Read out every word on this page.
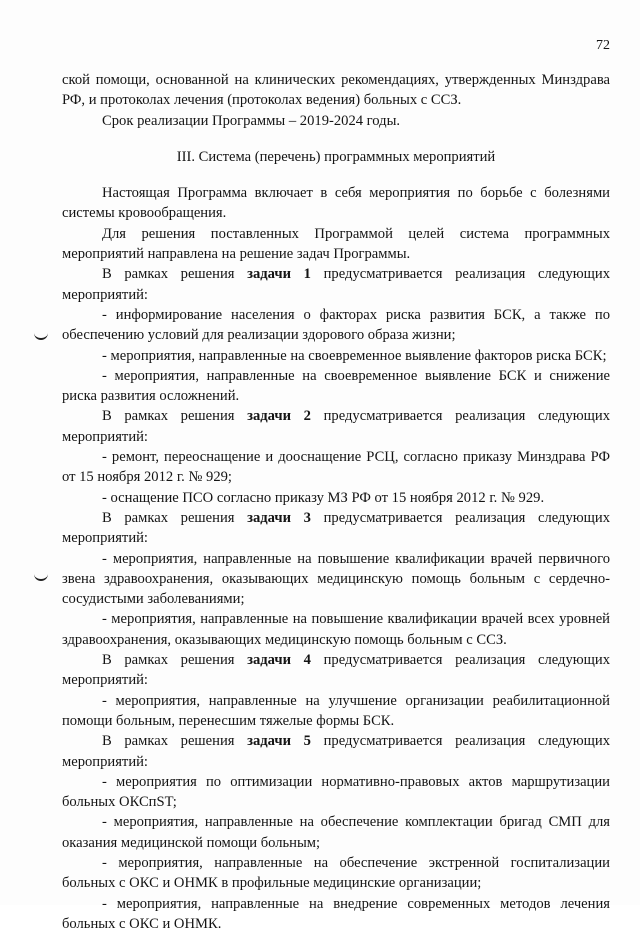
72

ской помощи, основанной на клинических рекомендациях, утвержденных Минздрава РФ, и протоколах лечения (протоколах ведения) больных с ССЗ.

Срок реализации Программы – 2019-2024 годы.

III. Система (перечень) программных мероприятий

Настоящая Программа включает в себя мероприятия по борьбе с болезнями системы кровообращения.

Для решения поставленных Программой целей система программных мероприятий направлена на решение задач Программы.

В рамках решения задачи 1 предусматривается реализация следующих мероприятий:

- информирование населения о факторах риска развития БСК, а также по обеспечению условий для реализации здорового образа жизни;

- мероприятия, направленные на своевременное выявление факторов риска БСК;

- мероприятия, направленные на своевременное выявление БСК и снижение риска развития осложнений.

В рамках решения задачи 2 предусматривается реализация следующих мероприятий:

- ремонт, переоснащение и дооснащение РСЦ, согласно приказу Минздрава РФ от 15 ноября 2012 г. № 929;

- оснащение ПСО согласно приказу МЗ РФ от 15 ноября 2012 г. № 929.

В рамках решения задачи 3 предусматривается реализация следующих мероприятий:

- мероприятия, направленные на повышение квалификации врачей первичного звена здравоохранения, оказывающих медицинскую помощь больным с сердечно-сосудистыми заболеваниями;

- мероприятия, направленные на повышение квалификации врачей всех уровней здравоохранения, оказывающих медицинскую помощь больным с ССЗ.

В рамках решения задачи 4 предусматривается реализация следующих мероприятий:

- мероприятия, направленные на улучшение организации реабилитационной помощи больным, перенесшим тяжелые формы БСК.

В рамках решения задачи 5 предусматривается реализация следующих мероприятий:

- мероприятия по оптимизации нормативно-правовых актов маршрутизации больных ОКСпST;

- мероприятия, направленные на обеспечение комплектации бригад СМП для оказания медицинской помощи больным;

- мероприятия, направленные на обеспечение экстренной госпитализации больных с ОКС и ОНМК в профильные медицинские организации;

- мероприятия, направленные на внедрение современных методов лечения больных с ОКС и ОНМК.
